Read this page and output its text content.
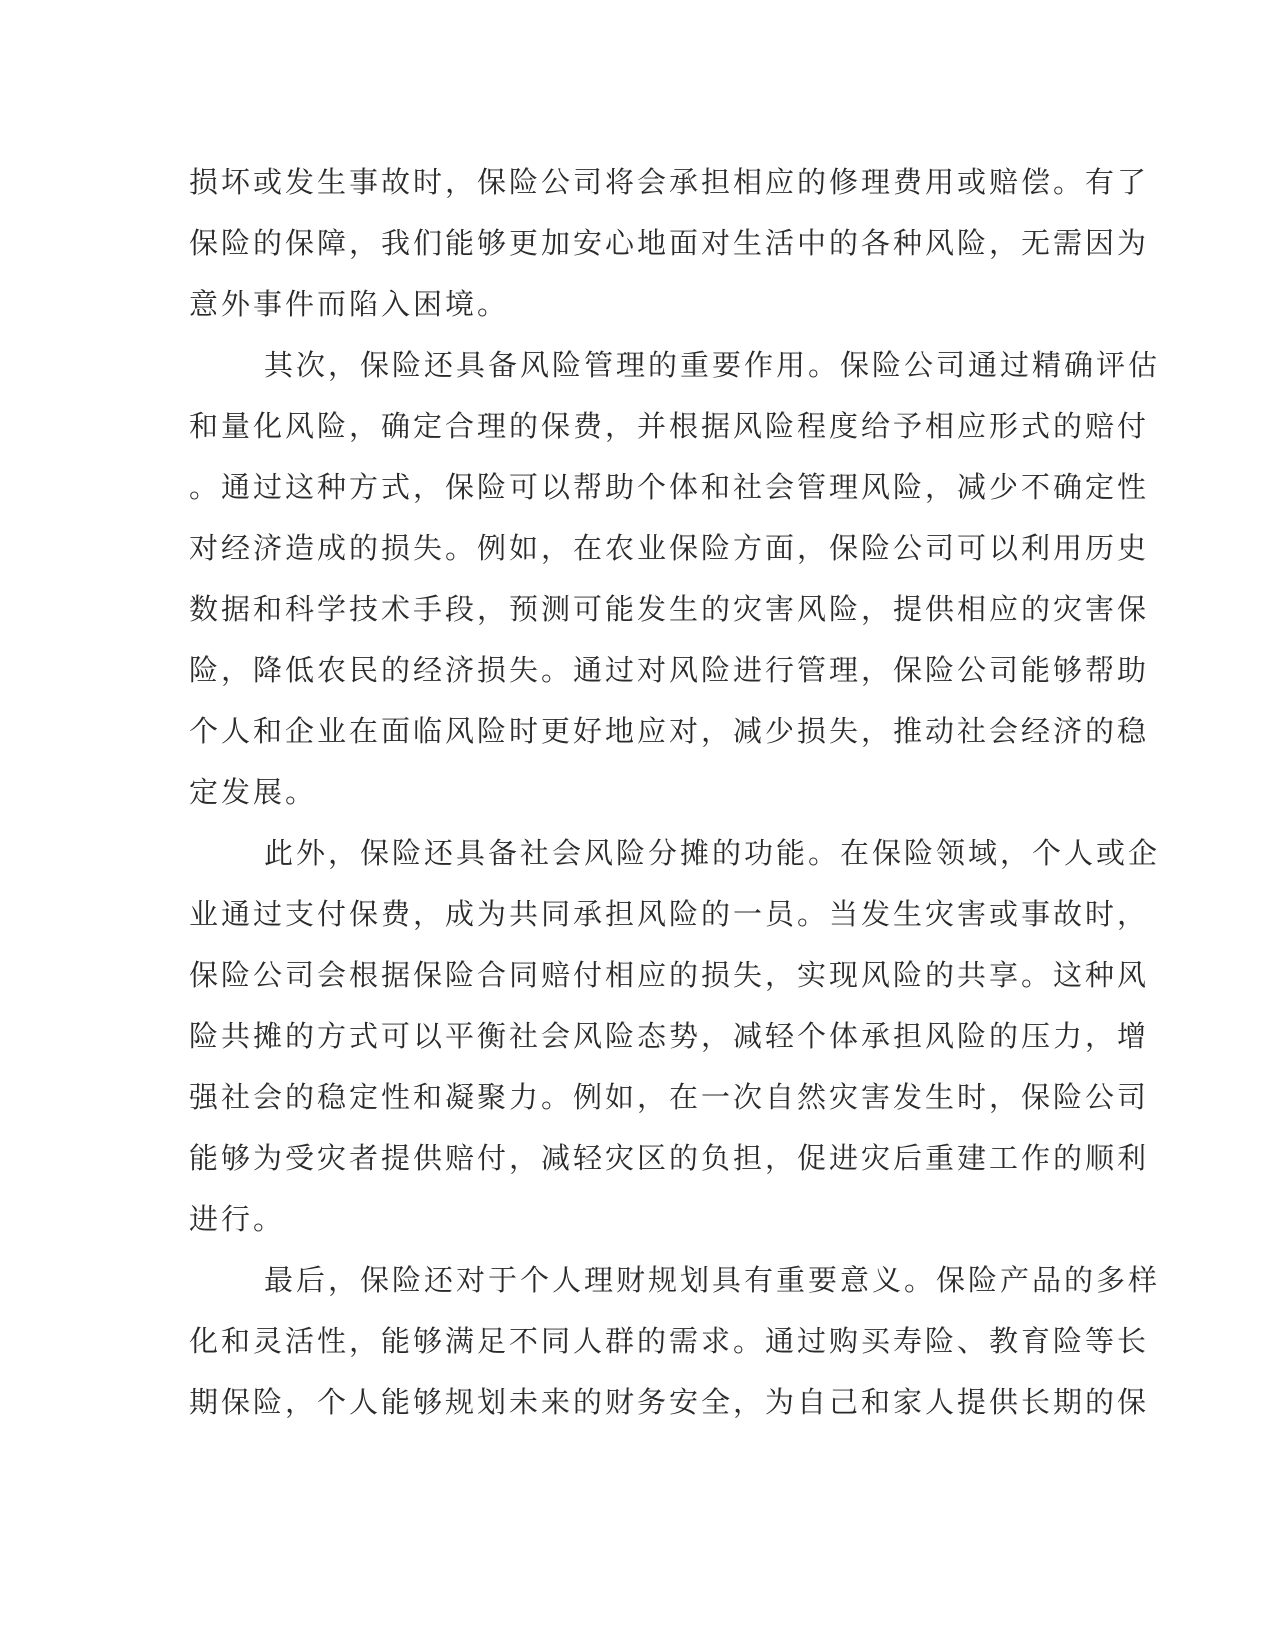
损坏或发生事故时，保险公司将会承担相应的修理费用或赔偿。有了
保险的保障，我们能够更加安心地面对生活中的各种风险，无需因为
意外事件而陷入困境。
其次，保险还具备风险管理的重要作用。保险公司通过精确评估
和量化风险，确定合理的保费，并根据风险程度给予相应形式的赔付
。通过这种方式，保险可以帮助个体和社会管理风险，减少不确定性
对经济造成的损失。例如，在农业保险方面，保险公司可以利用历史
数据和科学技术手段，预测可能发生的灾害风险，提供相应的灾害保
险，降低农民的经济损失。通过对风险进行管理，保险公司能够帮助
个人和企业在面临风险时更好地应对，减少损失，推动社会经济的稳
定发展。
此外，保险还具备社会风险分摊的功能。在保险领域，个人或企
业通过支付保费，成为共同承担风险的一员。当发生灾害或事故时，
保险公司会根据保险合同赔付相应的损失，实现风险的共享。这种风
险共摊的方式可以平衡社会风险态势，减轻个体承担风险的压力，增
强社会的稳定性和凝聚力。例如，在一次自然灾害发生时，保险公司
能够为受灾者提供赔付，减轻灾区的负担，促进灾后重建工作的顺利
进行。
最后，保险还对于个人理财规划具有重要意义。保险产品的多样
化和灵活性，能够满足不同人群的需求。通过购买寿险、教育险等长
期保险，个人能够规划未来的财务安全，为自己和家人提供长期的保
